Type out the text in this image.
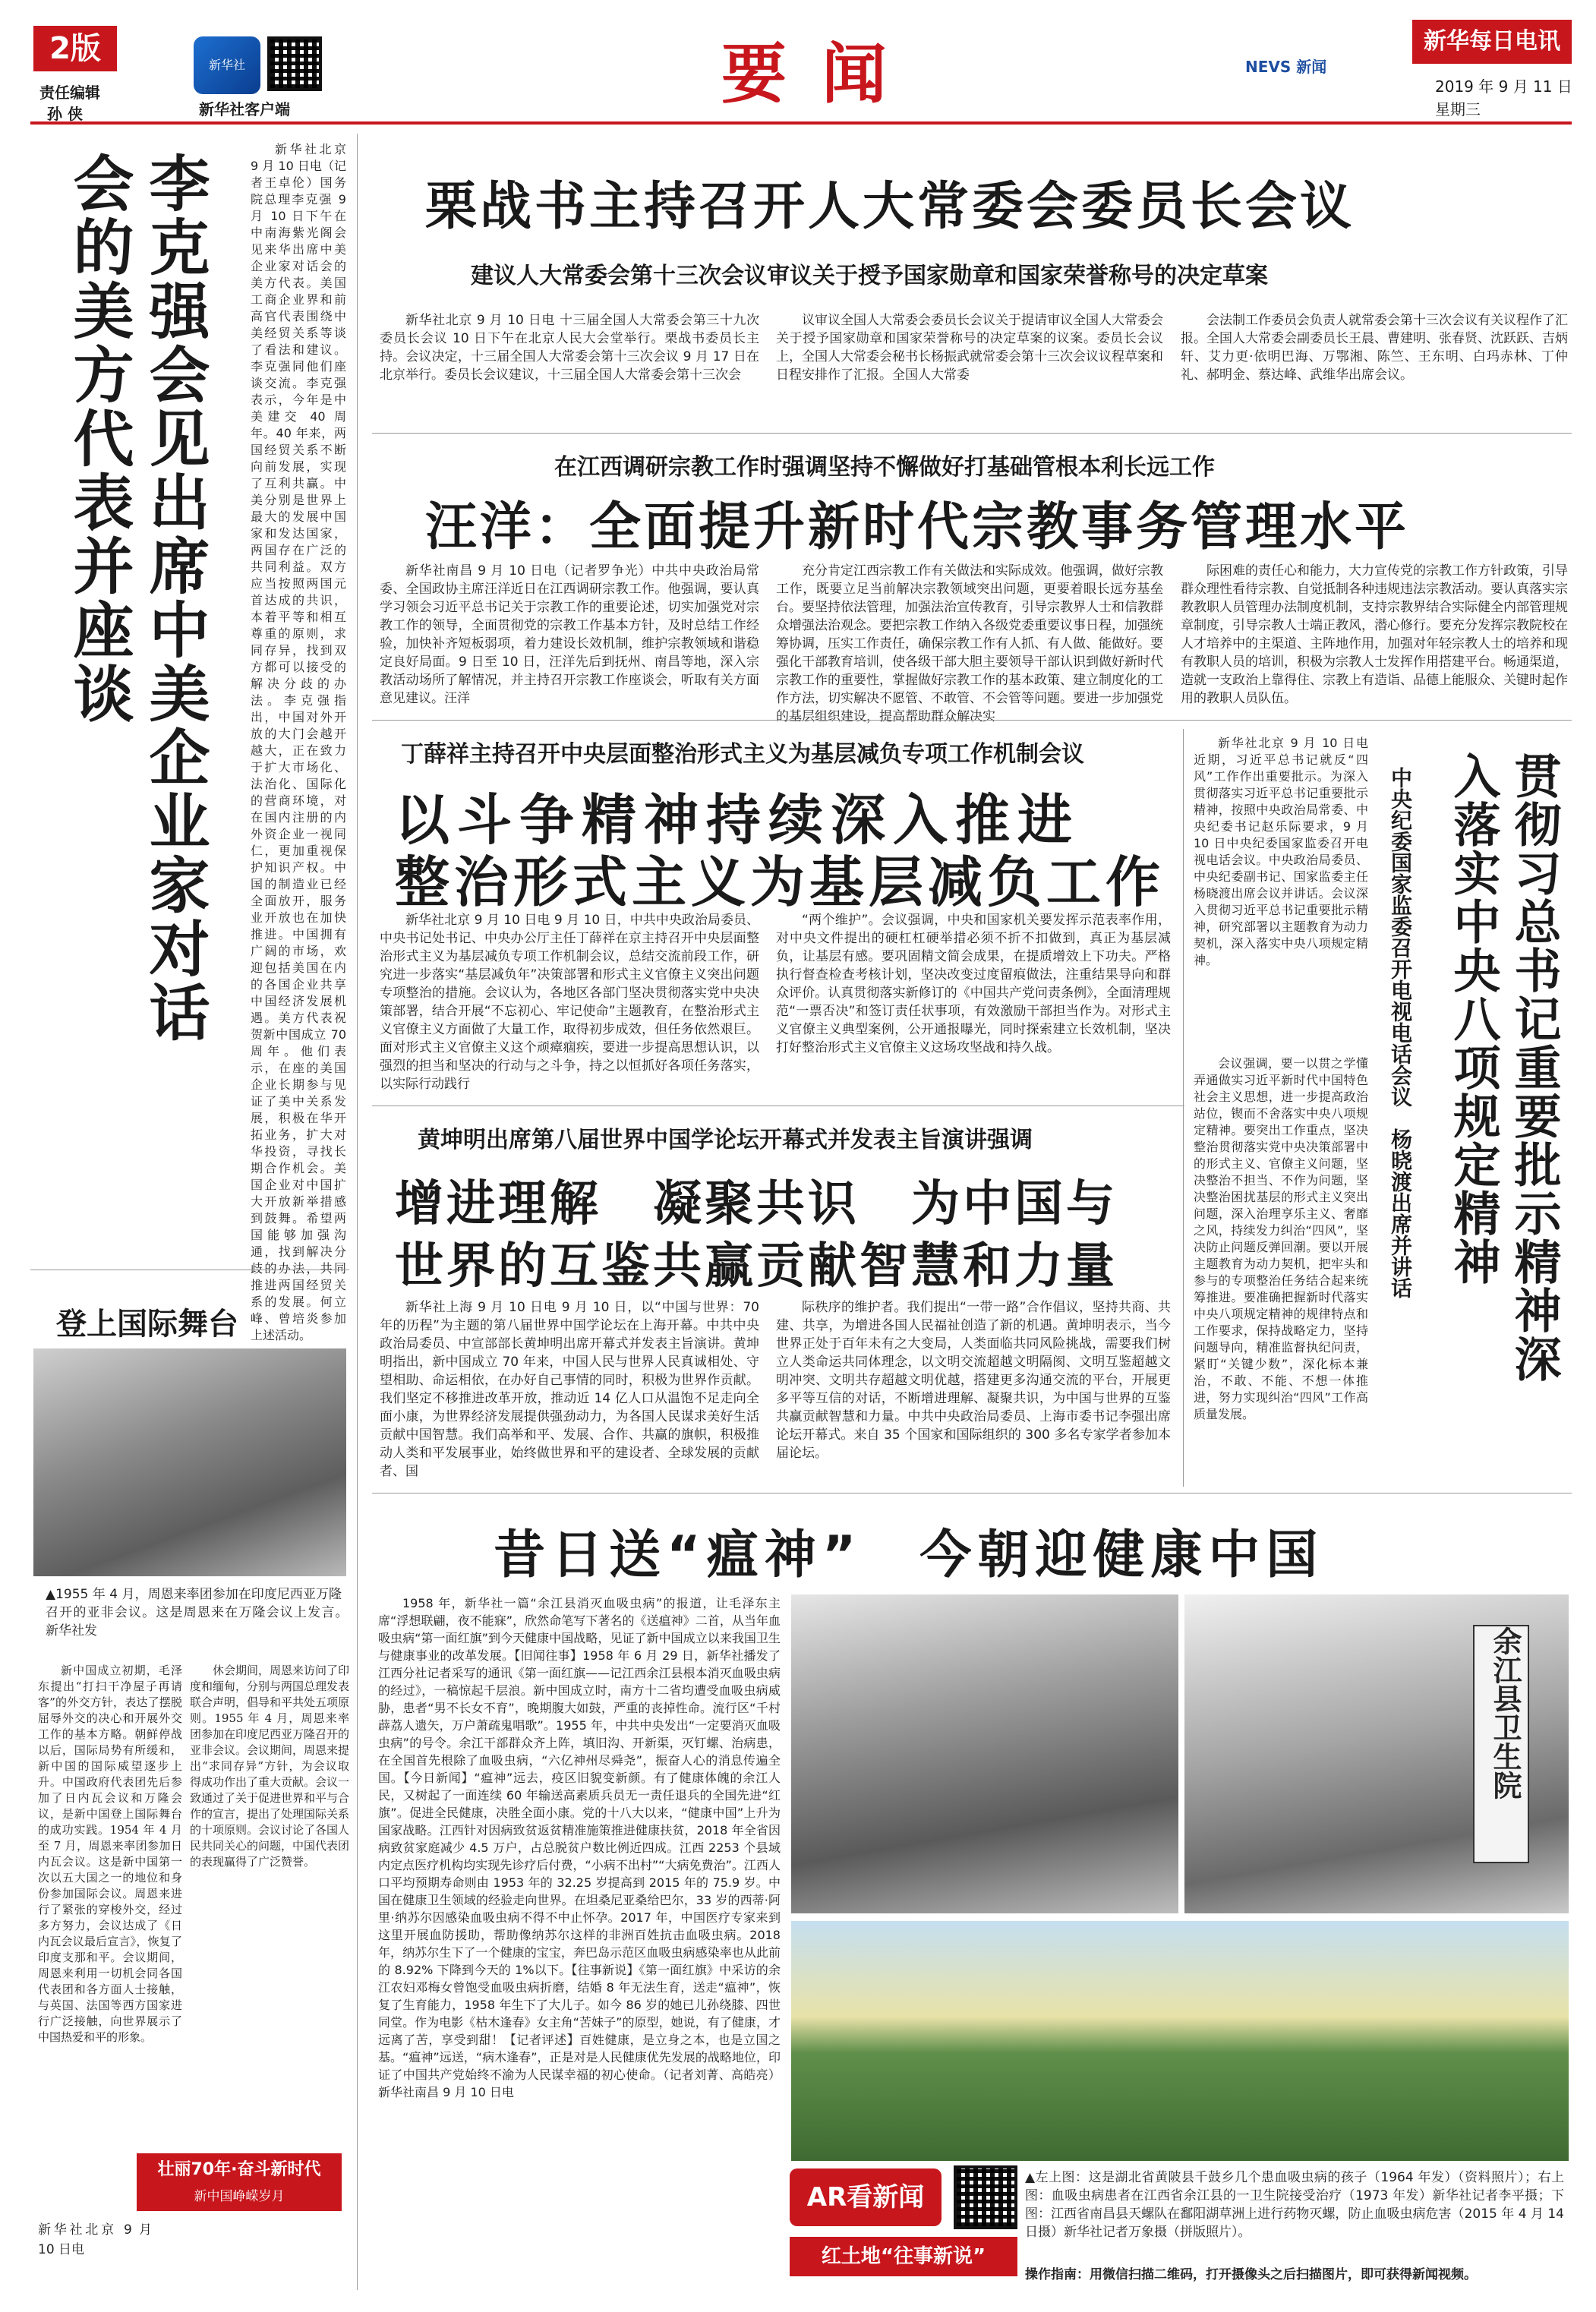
2版
责任编辑
孙 侠
新华社
新华社客户端	要 闻	NEVS 新闻
新华每日电讯
2019 年 9 月 11 日
星期三
李克强会见出席中美企业家对话会的美方代表并座谈

新华社北京 9 月 10 日电（记者王卓伦）国务院总理李克强 9 月 10 日下午在中南海紫光阁会见来华出席中美企业家对话会的美方代表。美国工商企业界和前高官代表围绕中美经贸关系等谈了看法和建议。李克强同他们座谈交流。李克强表示，今年是中美建交 40 周年。40 年来，两国经贸关系不断向前发展，实现了互利共赢。中美分别是世界上最大的发展中国家和发达国家，两国存在广泛的共同利益。双方应当按照两国元首达成的共识，本着平等和相互尊重的原则，求同存异，找到双方都可以接受的解决分歧的办法。李克强指出，中国对外开放的大门会越开越大，正在致力于扩大市场化、法治化、国际化的营商环境，对在国内注册的内外资企业一视同仁，更加重视保护知识产权。中国的制造业已经全面放开，服务业开放也在加快推进。中国拥有广阔的市场，欢迎包括美国在内的各国企业共享中国经济发展机遇。美方代表祝贺新中国成立 70 周年。他们表示，在座的美国企业长期参与见证了美中关系发展，积极在华开拓业务，扩大对华投资，寻找长期合作机会。美国企业对中国扩大开放新举措感到鼓舞。希望两国能够加强沟通，找到解决分歧的办法，共同推进两国经贸关系的发展。何立峰、曾培炎参加上述活动。

登上国际舞台
▲1955 年 4 月，周恩来率团参加在印度尼西亚万隆召开的亚非会议。这是周恩来在万隆会议上发言。　新华社发

新中国成立初期，毛泽东提出“打扫干净屋子再请客”的外交方针，表达了摆脱屈辱外交的决心和开展外交工作的基本方略。朝鲜停战以后，国际局势有所缓和，新中国的国际威望逐步上升。中国政府代表团先后参加了日内瓦会议和万隆会议，是新中国登上国际舞台的成功实践。1954 年 4 月至 7 月，周恩来率团参加日内瓦会议。这是新中国第一次以五大国之一的地位和身份参加国际会议。周恩来进行了紧张的穿梭外交，经过多方努力，会议达成了《日内瓦会议最后宣言》，恢复了印度支那和平。会议期间，周恩来利用一切机会同各国代表团和各方面人士接触，与英国、法国等西方国家进行广泛接触，向世界展示了中国热爱和平的形象。

休会期间，周恩来访问了印度和缅甸，分别与两国总理发表联合声明，倡导和平共处五项原则。1955 年 4 月，周恩来率团参加在印度尼西亚万隆召开的亚非会议。会议期间，周恩来提出“求同存异”方针，为会议取得成功作出了重大贡献。会议一致通过了关于促进世界和平与合作的宣言，提出了处理国际关系的十项原则。会议讨论了各国人民共同关心的问题，中国代表团的表现赢得了广泛赞誉。

壮丽70年·奋斗新时代
新中国峥嵘岁月
新华社北京 9 月 10 日电
栗战书主持召开人大常委会委员长会议
建议人大常委会第十三次会议审议关于授予国家勋章和国家荣誉称号的决定草案

新华社北京 9 月 10 日电 十三届全国人大常委会第三十九次委员长会议 10 日下午在北京人民大会堂举行。栗战书委员长主持。会议决定，十三届全国人大常委会第十三次会议 9 月 17 日在北京举行。委员长会议建议，十三届全国人大常委会第十三次会

议审议全国人大常委会委员长会议关于提请审议全国人大常委会关于授予国家勋章和国家荣誉称号的决定草案的议案。委员长会议上，全国人大常委会秘书长杨振武就常委会第十三次会议议程草案和日程安排作了汇报。全国人大常委

会法制工作委员会负责人就常委会第十三次会议有关议程作了汇报。全国人大常委会副委员长王晨、曹建明、张春贤、沈跃跃、吉炳轩、艾力更·依明巴海、万鄂湘、陈竺、王东明、白玛赤林、丁仲礼、郝明金、蔡达峰、武维华出席会议。

在江西调研宗教工作时强调坚持不懈做好打基础管根本利长远工作
汪洋：全面提升新时代宗教事务管理水平

新华社南昌 9 月 10 日电（记者罗争光）中共中央政治局常委、全国政协主席汪洋近日在江西调研宗教工作。他强调，要认真学习领会习近平总书记关于宗教工作的重要论述，切实加强党对宗教工作的领导，全面贯彻党的宗教工作基本方针，及时总结工作经验，加快补齐短板弱项，着力建设长效机制，维护宗教领域和谐稳定良好局面。9 日至 10 日，汪洋先后到抚州、南昌等地，深入宗教活动场所了解情况，并主持召开宗教工作座谈会，听取有关方面意见建议。汪洋

充分肯定江西宗教工作有关做法和实际成效。他强调，做好宗教工作，既要立足当前解决宗教领域突出问题，更要着眼长远夯基垒台。要坚持依法管理，加强法治宣传教育，引导宗教界人士和信教群众增强法治观念。要把宗教工作纳入各级党委重要议事日程，加强统筹协调，压实工作责任，确保宗教工作有人抓、有人做、能做好。要强化干部教育培训，使各级干部大胆主要领导干部认识到做好新时代宗教工作的重要性，掌握做好宗教工作的基本政策、建立制度化的工作方法，切实解决不愿管、不敢管、不会管等问题。要进一步加强党的基层组织建设，提高帮助群众解决实

际困难的责任心和能力，大力宣传党的宗教工作方针政策，引导群众理性看待宗教、自觉抵制各种违规违法宗教活动。要认真落实宗教教职人员管理办法制度机制，支持宗教界结合实际健全内部管理规章制度，引导宗教人士端正教风，潜心修行。要充分发挥宗教院校在人才培养中的主渠道、主阵地作用，加强对年轻宗教人士的培养和现有教职人员的培训，积极为宗教人士发挥作用搭建平台。畅通渠道，造就一支政治上靠得住、宗教上有造诣、品德上能服众、关键时起作用的教职人员队伍。

丁薛祥主持召开中央层面整治形式主义为基层减负专项工作机制会议
以斗争精神持续深入推进
整治形式主义为基层减负工作

新华社北京 9 月 10 日电 9 月 10 日，中共中央政治局委员、中央书记处书记、中央办公厅主任丁薛祥在京主持召开中央层面整治形式主义为基层减负专项工作机制会议，总结交流前段工作，研究进一步落实“基层减负年”决策部署和形式主义官僚主义突出问题专项整治的措施。会议认为，各地区各部门坚决贯彻落实党中央决策部署，结合开展“不忘初心、牢记使命”主题教育，在整治形式主义官僚主义方面做了大量工作，取得初步成效，但任务依然艰巨。面对形式主义官僚主义这个顽瘴痼疾，要进一步提高思想认识，以强烈的担当和坚决的行动与之斗争，持之以恒抓好各项任务落实，以实际行动践行

“两个维护”。会议强调，中央和国家机关要发挥示范表率作用，对中央文件提出的硬杠杠硬举措必须不折不扣做到，真正为基层减负，让基层有感。要巩固精文简会成果，在提质增效上下功夫。严格执行督查检查考核计划，坚决改变过度留痕做法，注重结果导向和群众评价。认真贯彻落实新修订的《中国共产党问责条例》，全面清理规范“一票否决”和签订责任状事项，有效激励干部担当作为。对形式主义官僚主义典型案例，公开通报曝光，同时探索建立长效机制，坚决打好整治形式主义官僚主义这场攻坚战和持久战。

黄坤明出席第八届世界中国学论坛开幕式并发表主旨演讲强调
增进理解　凝聚共识　为中国与
世界的互鉴共赢贡献智慧和力量

新华社上海 9 月 10 日电 9 月 10 日，以“中国与世界：70 年的历程”为主题的第八届世界中国学论坛在上海开幕。中共中央政治局委员、中宣部部长黄坤明出席开幕式并发表主旨演讲。黄坤明指出，新中国成立 70 年来，中国人民与世界人民真诚相处、守望相助、命运相依，在办好自己事情的同时，积极为世界作贡献。我们坚定不移推进改革开放，推动近 14 亿人口从温饱不足走向全面小康，为世界经济发展提供强劲动力，为各国人民谋求美好生活贡献中国智慧。我们高举和平、发展、合作、共赢的旗帜，积极推动人类和平发展事业，始终做世界和平的建设者、全球发展的贡献者、国

际秩序的维护者。我们提出“一带一路”合作倡议，坚持共商、共建、共享，为增进各国人民福祉创造了新的机遇。黄坤明表示，当今世界正处于百年未有之大变局，人类面临共同风险挑战，需要我们树立人类命运共同体理念，以文明交流超越文明隔阂、文明互鉴超越文明冲突、文明共存超越文明优越，搭建更多沟通交流的平台，开展更多平等互信的对话，不断增进理解、凝聚共识，为中国与世界的互鉴共赢贡献智慧和力量。中共中央政治局委员、上海市委书记李强出席论坛开幕式。来自 35 个国家和国际组织的 300 多名专家学者参加本届论坛。

新华社北京 9 月 10 日电 近期，习近平总书记就反“四风”工作作出重要批示。为深入贯彻落实习近平总书记重要批示精神，按照中央政治局常委、中央纪委书记赵乐际要求，9 月 10 日中央纪委国家监委召开电视电话会议。中央政治局委员、中央纪委副书记、国家监委主任杨晓渡出席会议并讲话。会议深入贯彻习近平总书记重要批示精神，研究部署以主题教育为动力契机，深入落实中央八项规定精神。	贯彻习总书记重要批示精神深入落实中央八项规定精神
中央纪委国家监委召开电视电话会议　杨晓渡出席并讲话

会议强调，要一以贯之学懂弄通做实习近平新时代中国特色社会主义思想，进一步提高政治站位，锲而不舍落实中央八项规定精神。要突出工作重点，坚决整治贯彻落实党中央决策部署中的形式主义、官僚主义问题，坚决整治不担当、不作为问题，坚决整治困扰基层的形式主义突出问题，深入治理享乐主义、奢靡之风，持续发力纠治“四风”，坚决防止问题反弹回潮。要以开展主题教育为动力契机，把牢头和参与的专项整治任务结合起来统筹推进。要准确把握新时代落实中央八项规定精神的规律特点和工作要求，保持战略定力，坚持问题导向，精准监督执纪问责，紧盯“关键少数”，深化标本兼治，不敢、不能、不想一体推进，努力实现纠治“四风”工作高质量发展。

昔日送“瘟神”　今朝迎健康中国

1958 年，新华社一篇“余江县消灭血吸虫病”的报道，让毛泽东主席“浮想联翩，夜不能寐”，欣然命笔写下著名的《送瘟神》二首，从当年血吸虫病“第一面红旗”到今天健康中国战略，见证了新中国成立以来我国卫生与健康事业的改革发展。【旧闻往事】1958 年 6 月 29 日，新华社播发了江西分社记者采写的通讯《第一面红旗——记江西余江县根本消灭血吸虫病的经过》，一稿惊起千层浪。新中国成立时，南方十二省均遭受血吸虫病威胁，患者“男不长女不育”，晚期腹大如鼓，严重的丧掉性命。流行区“千村薜荔人遗矢，万户萧疏鬼唱歌”。1955 年，中共中央发出“一定要消灭血吸虫病”的号令。余江干部群众齐上阵，填旧沟、开新渠，灭钉螺、治病患，在全国首先根除了血吸虫病，“六亿神州尽舜尧”，振奋人心的消息传遍全国。【今日新闻】“瘟神”远去，疫区旧貌变新颜。有了健康体魄的余江人民，又树起了一面连续 60 年输送高素质兵员无一责任退兵的全国先进“红旗”。促进全民健康，决胜全面小康。党的十八大以来，“健康中国”上升为国家战略。江西针对因病致贫返贫精准施策推进健康扶贫，2018 年全省因病致贫家庭减少 4.5 万户，占总脱贫户数比例近四成。江西 2253 个县域内定点医疗机构均实现先诊疗后付费，“小病不出村”“大病免费治”。江西人口平均预期寿命则由 1953 年的 32.25 岁提高到 2015 年的 75.9 岁。中国在健康卫生领域的经验走向世界。在坦桑尼亚桑给巴尔，33 岁的西蒂·阿里·纳苏尔因感染血吸虫病不得不中止怀孕。2017 年，中国医疗专家来到这里开展血防援助，帮助像纳苏尔这样的非洲百姓抗击血吸虫病。2018 年，纳苏尔生下了一个健康的宝宝，奔巴岛示范区血吸虫病感染率也从此前的 8.92% 下降到今天的 1%以下。【往事新说】《第一面红旗》中采访的余江农妇邓梅女曾饱受血吸虫病折磨，结婚 8 年无法生育，送走“瘟神”，恢复了生育能力，1958 年生下了大儿子。如今 86 岁的她已儿孙绕膝、四世同堂。作为电影《枯木逢春》女主角“苦妹子”的原型，她说，有了健康，才远离了苦，享受到甜！【记者评述】百姓健康，是立身之本，也是立国之基。“瘟神”远送，“病木逢春”，正是对是人民健康优先发展的战略地位，印证了中国共产党始终不渝为人民谋幸福的初心使命。（记者刘菁、高皓亮）新华社南昌 9 月 10 日电

余江县卫生院
AR看新闻
红土地“往事新说”
▲左上图：这是湖北省黄陂县千鼓乡几个患血吸虫病的孩子（1964 年发）（资料照片）；右上图：血吸虫病患者在江西省余江县的一卫生院接受治疗（1973 年发）新华社记者李平摄；下图：江西省南昌县天螺队在鄱阳湖草洲上进行药物灭螺，防止血吸虫病危害（2015 年 4 月 14 日摄）新华社记者万象摄（拼版照片）。
操作指南：用微信扫描二维码，打开摄像头之后扫描图片，即可获得新闻视频。
